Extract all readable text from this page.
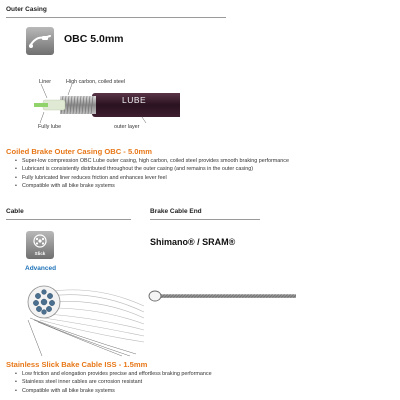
Outer Casing
OBC 5.0mm
Liner	High carbon, coiled steel
LUBE
Fully lube	outer layer
Coiled Brake Outer Casing OBC - 5.0mm
• Super-low compression OBC Lube outer casing, high carbon, coiled steel provides smooth braking performance
• Lubricant is consistently distributed throughout the outer casing (and remains in the outer casing)
• Fully lubricated liner reduces friction and enhances lever feel
• Compatible with all bike brake systems
Cable
Slick
Advanced
Stainless Slick Bake Cable ISS - 1.5mm
• Low friction and elongation provides precise and effortless braking performance
• Stainless steel inner cables are corrosion resistant
• Compatible with all bike brake systems
Brake Cable End
Shimano® / SRAM®
